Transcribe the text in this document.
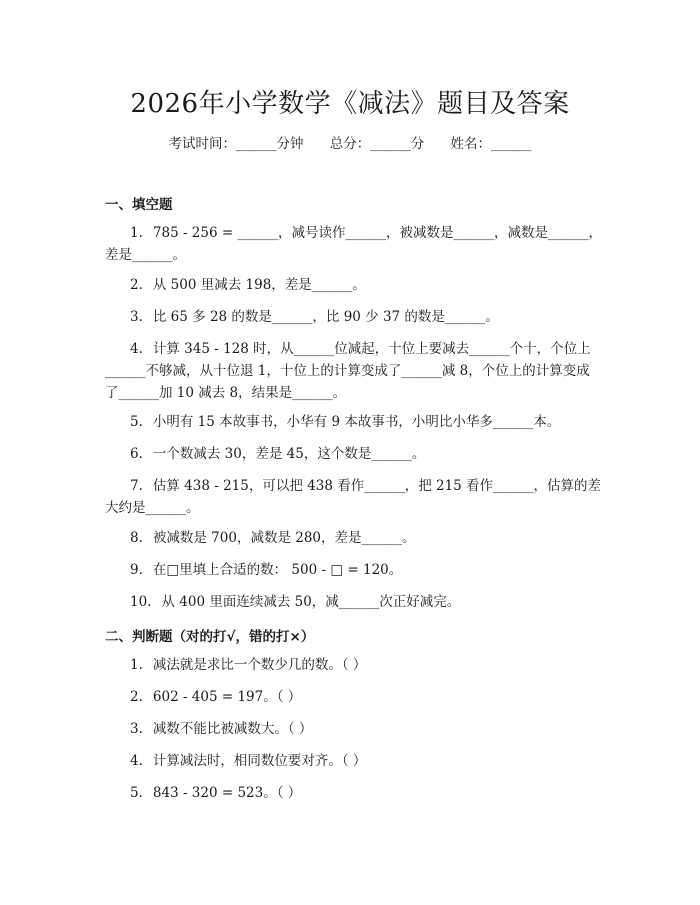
2026年小学数学《减法》题目及答案
考试时间：______分钟 总分：______分 姓名：______
一、填空题
1. 785 - 256 = ______，减号读作______，被减数是______，减数是______，差是______。
2. 从 500 里减去 198，差是______。
3. 比 65 多 28 的数是______，比 90 少 37 的数是______。
4. 计算 345 - 128 时，从______位减起，十位上要减去______个十，个位上______不够减，从十位退 1，十位上的计算变成了______减 8，个位上的计算变成了______加 10 减去 8，结果是______。
5. 小明有 15 本故事书，小华有 9 本故事书，小明比小华多______本。
6. 一个数减去 30，差是 45，这个数是______。
7. 估算 438 - 215，可以把 438 看作______，把 215 看作______，估算的差大约是______。
8. 被减数是 700，减数是 280，差是______。
9. 在□里填上合适的数： 500 - □ = 120。
10. 从 400 里面连续减去 50，减______次正好减完。
二、判断题（对的打√，错的打×）
1. 减法就是求比一个数少几的数。（ ）
2. 602 - 405 = 197。（ ）
3. 减数不能比被减数大。（ ）
4. 计算减法时，相同数位要对齐。（ ）
5. 843 - 320 = 523。（ ）
